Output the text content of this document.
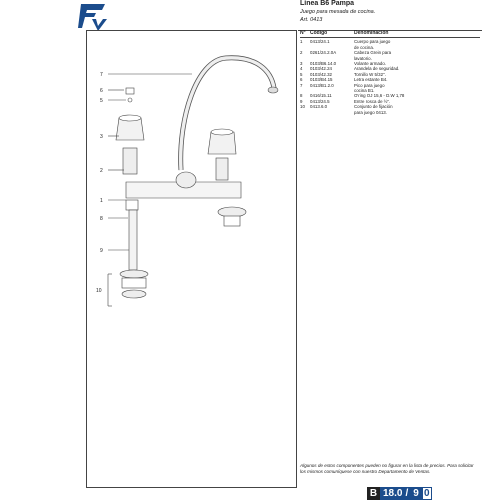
Línea B6 Pampa
Juego para mesada de cocina.
Art. 0413
7
6
5
3
2
1
8
9
10
N° Código	Denominación
1	0413/24.1	Cuerpo para juego
de cocina.
2	0261/24.2.0A	Cabeza Grein para
lavatorio.
3	0103/B6.14.0	Volante armado.
4	0103/42.24	Arandela de seguridad.
5	0103/42.32	Tornillo W 5/32".
6	0103/B4.15	Letra estante B4.
7	0413/B1.2.0	Pico para juego
cocina B1.
8	0416/15.11	O'ring OJ 15,6 - D.W 1,78
9	0413/24.5	Entre rosca de ½".
10	0413.6.0	Conjunto de fijación
para juego 0413.
Algunos de estos componentes pueden no figurar en la lista de precios. Para solicitar los mismos comuníquese con nuestro Departamento de Ventas.
B 18.0 / 9 0
